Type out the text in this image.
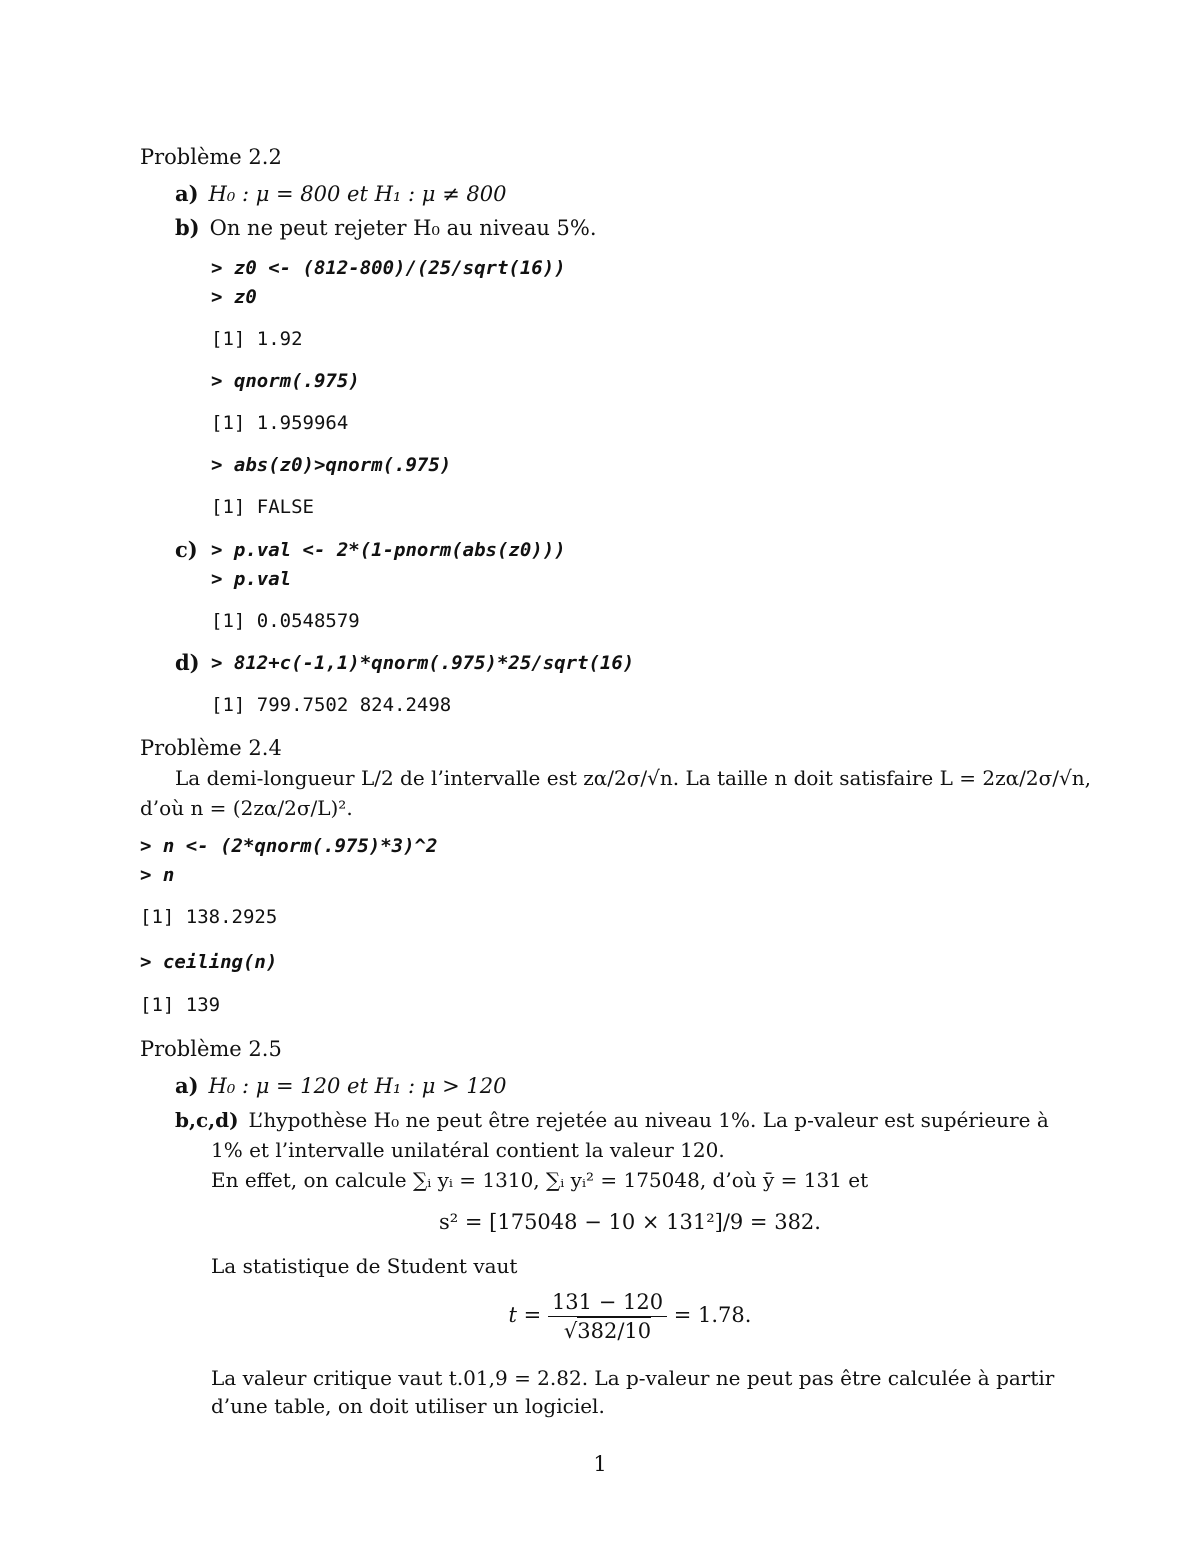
Problème 2.2
a) H₀ : μ = 800 et H₁ : μ ≠ 800
b) On ne peut rejeter H₀ au niveau 5%.
> z0 <- (812-800)/(25/sqrt(16))
> z0
[1] 1.92
> qnorm(.975)
[1] 1.959964
> abs(z0)>qnorm(.975)
[1] FALSE
c) > p.val <- 2*(1-pnorm(abs(z0)))
> p.val
[1] 0.0548579
d) > 812+c(-1,1)*qnorm(.975)*25/sqrt(16)
[1] 799.7502 824.2498
Problème 2.4
La demi-longueur L/2 de l’intervalle est zα/2σ/√n. La taille n doit satisfaire L = 2zα/2σ/√n,
d’où n = (2zα/2σ/L)².
> n <- (2*qnorm(.975)*3)^2
> n
[1] 138.2925
> ceiling(n)
[1] 139
Problème 2.5
a) H₀ : μ = 120 et H₁ : μ > 120
b,c,d) L’hypothèse H₀ ne peut être rejetée au niveau 1%. La p-valeur est supérieure à
1% et l’intervalle unilatéral contient la valeur 120.
En effet, on calcule ∑ᵢ yᵢ = 1310, ∑ᵢ yᵢ² = 175048, d’où ȳ = 131 et
s² = [175048 − 10 × 131²]/9 = 382.
La statistique de Student vaut
$t = \frac{131 - 120}{√382/10} = 1.78$.
La valeur critique vaut t.01,9 = 2.82. La p-valeur ne peut pas être calculée à partir
d’une table, on doit utiliser un logiciel.
1
